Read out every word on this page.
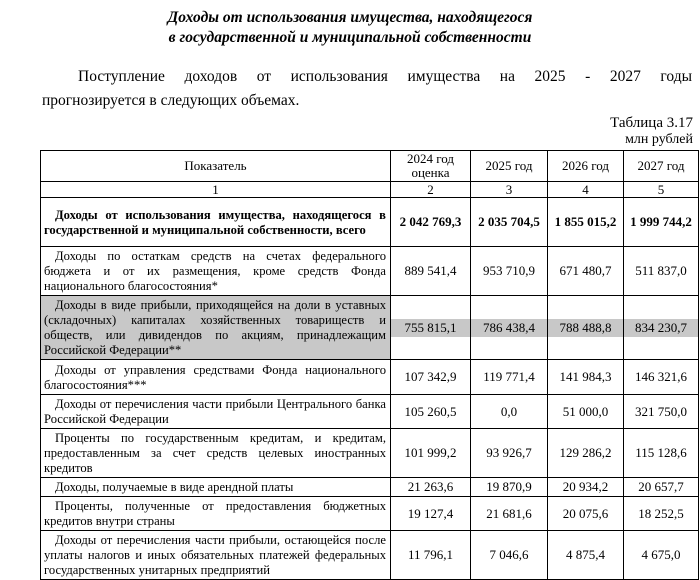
Доходы от использования имущества, находящегося
в государственной и муниципальной собственности
Поступление доходов от использования имущества на 2025 - 2027 годы
прогнозируется в следующих объемах.
Таблица 3.17
млн рублей
Показатель	2024 год оценка	2025 год	2026 год	2027 год
1	2	3	4	5
Доходы от использования имущества, находящегося в государственной и муниципальной собственности, всего	2 042 769,3	2 035 704,5	1 855 015,2	1 999 744,2
Доходы по остаткам средств на счетах федерального бюджета и от их размещения, кроме средств Фонда национального благосостояния*	889 541,4	953 710,9	671 480,7	511 837,0
Доходы в виде прибыли, приходящейся на доли в уставных (складочных) капиталах хозяйственных товариществ и обществ, или дивидендов по акциям, принадлежащим Российской Федерации**	755 815,1	786 438,4	788 488,8	834 230,7
Доходы от управления средствами Фонда национального благосостояния***	107 342,9	119 771,4	141 984,3	146 321,6
Доходы от перечисления части прибыли Центрального банка Российской Федерации	105 260,5	0,0	51 000,0	321 750,0
Проценты по государственным кредитам, и кредитам, предоставленным за счет средств целевых иностранных кредитов	101 999,2	93 926,7	129 286,2	115 128,6
Доходы, получаемые в виде арендной платы	21 263,6	19 870,9	20 934,2	20 657,7
Проценты, полученные от предоставления бюджетных кредитов внутри страны	19 127,4	21 681,6	20 075,6	18 252,5
Доходы от перечисления части прибыли, остающейся после уплаты налогов и иных обязательных платежей федеральных государственных унитарных предприятий	11 796,1	7 046,6	4 875,4	4 675,0
